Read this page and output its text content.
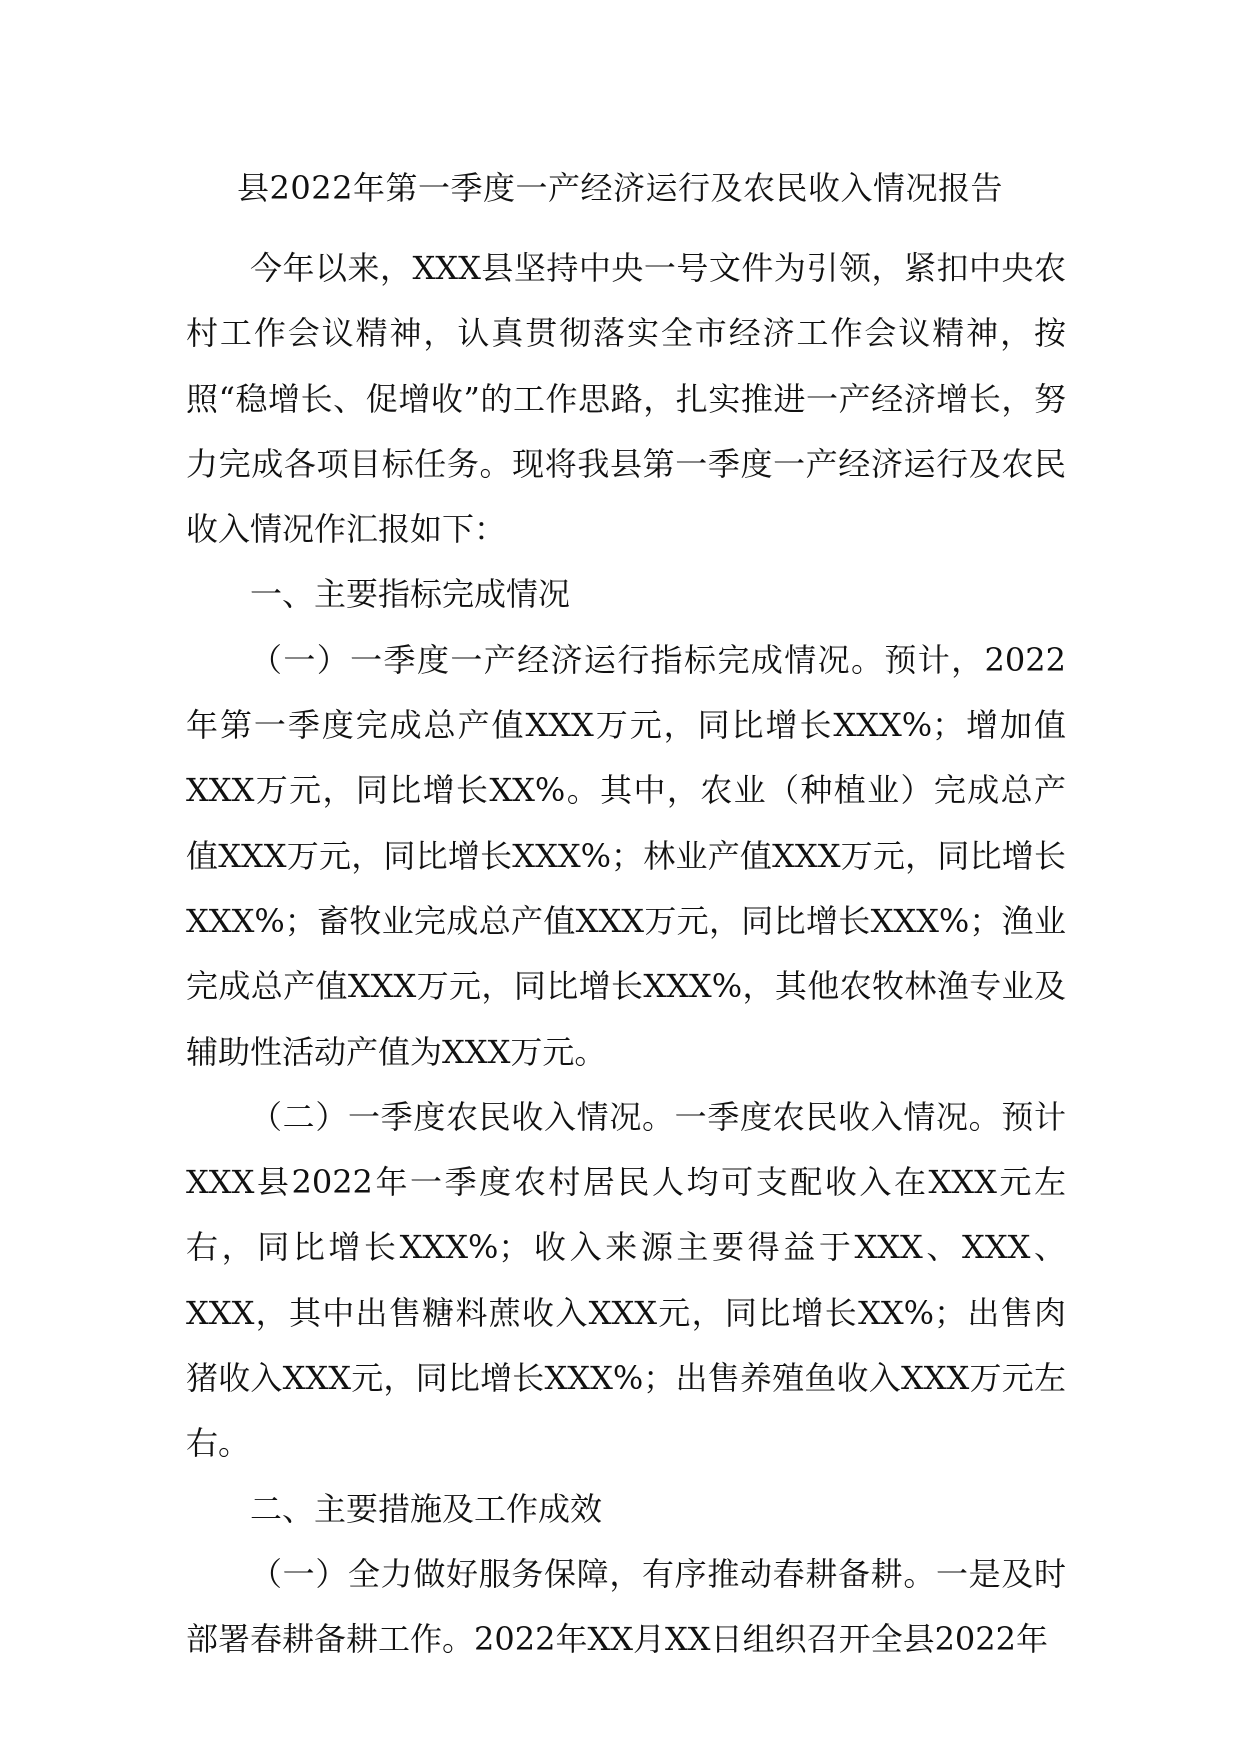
县2022年第一季度一产经济运行及农民收入情况报告

今年以来，XXX县坚持中央一号文件为引领，紧扣中央农村工作会议精神，认真贯彻落实全市经济工作会议精神，按照“稳增长、促增收”的工作思路，扎实推进一产经济增长，努力完成各项目标任务。现将我县第一季度一产经济运行及农民收入情况作汇报如下：

一、主要指标完成情况

（一）一季度一产经济运行指标完成情况。预计，2022年第一季度完成总产值XXX万元，同比增长XXX%；增加值XXX万元，同比增长XX%。其中，农业（种植业）完成总产值XXX万元，同比增长XXX%；林业产值XXX万元，同比增长XXX%；畜牧业完成总产值XXX万元，同比增长XXX%；渔业完成总产值XXX万元，同比增长XXX%，其他农牧林渔专业及辅助性活动产值为XXX万元。

（二）一季度农民收入情况。一季度农民收入情况。预计XXX县2022年一季度农村居民人均可支配收入在XXX元左右，同比增长XXX%；收入来源主要得益于XXX、XXX、XXX，其中出售糖料蔗收入XXX元，同比增长XX%；出售肉猪收入XXX元，同比增长XXX%；出售养殖鱼收入XXX万元左右。

二、主要措施及工作成效

（一）全力做好服务保障，有序推动春耕备耕。一是及时部署春耕备耕工作。2022年XX月XX日组织召开全县2022年
